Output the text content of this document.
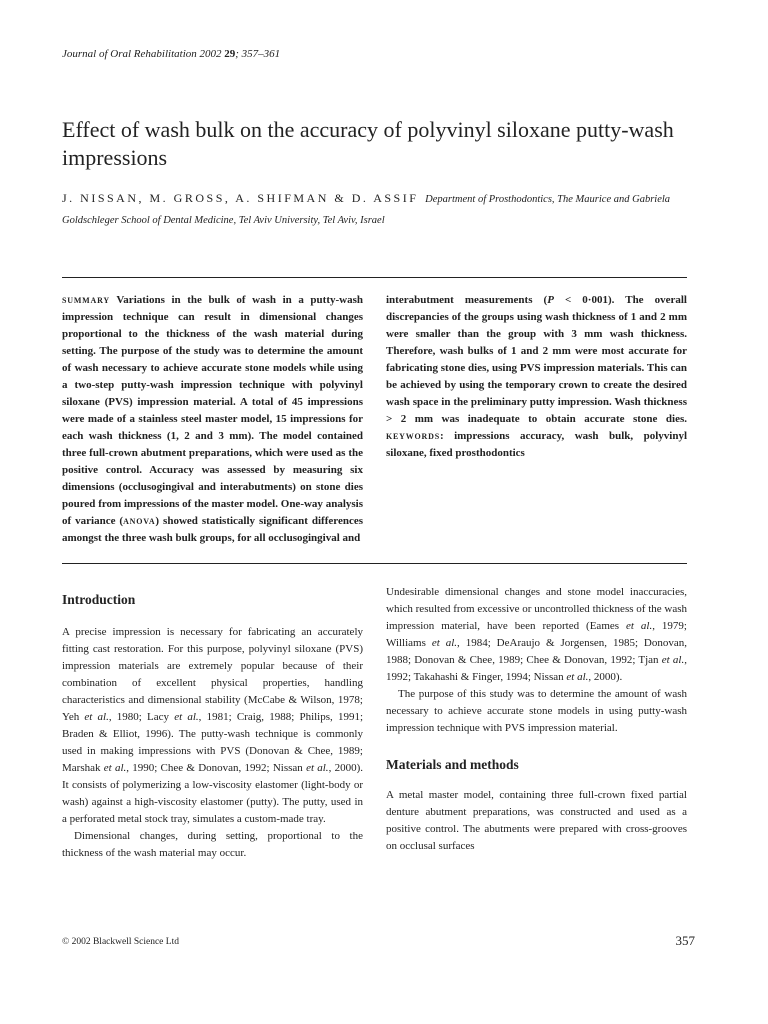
Journal of Oral Rehabilitation 2002 29; 357–361
Effect of wash bulk on the accuracy of polyvinyl siloxane putty-wash impressions
J. NISSAN, M. GROSS, A. SHIFMAN & D. ASSIF Department of Prosthodontics, The Maurice and Gabriela Goldschleger School of Dental Medicine, Tel Aviv University, Tel Aviv, Israel
summary Variations in the bulk of wash in a putty-wash impression technique can result in dimensional changes proportional to the thickness of the wash material during setting. The purpose of the study was to determine the amount of wash necessary to achieve accurate stone models while using a two-step putty-wash impression technique with polyvinyl siloxane (PVS) impression material. A total of 45 impressions were made of a stainless steel master model, 15 impressions for each wash thickness (1, 2 and 3 mm). The model contained three full-crown abutment preparations, which were used as the positive control. Accuracy was assessed by measuring six dimensions (occlusogingival and interabutments) on stone dies poured from impressions of the master model. One-way analysis of variance (anova) showed statistically significant differences amongst the three wash bulk groups, for all occlusogingival and
Introduction

A precise impression is necessary for fabricating an accurately fitting cast restoration. For this purpose, polyvinyl siloxane (PVS) impression materials are extremely popular because of their combination of excellent physical properties, handling characteristics and dimensional stability (McCabe & Wilson, 1978; Yeh et al., 1980; Lacy et al., 1981; Craig, 1988; Philips, 1991; Braden & Elliot, 1996). The putty-wash technique is commonly used in making impressions with PVS (Donovan & Chee, 1989; Marshak et al., 1990; Chee & Donovan, 1992; Nissan et al., 2000). It consists of polymerizing a low-viscosity elastomer (light-body or wash) against a high-viscosity elastomer (putty). The putty, used in a perforated metal stock tray, simulates a custom-made tray.

Dimensional changes, during setting, proportional to the thickness of the wash material may occur.

Undesirable dimensional changes and stone model inaccuracies, which resulted from excessive or uncontrolled thickness of the wash impression material, have been reported (Eames et al., 1979; Williams et al., 1984; DeAraujo & Jorgensen, 1985; Donovan, 1988; Donovan & Chee, 1989; Chee & Donovan, 1992; Tjan et al., 1992; Takahashi & Finger, 1994; Nissan et al., 2000).

The purpose of this study was to determine the amount of wash necessary to achieve accurate stone models in using putty-wash impression technique with PVS impression material.

Materials and methods

A metal master model, containing three full-crown fixed partial denture abutment preparations, was constructed and used as a positive control. The abutments were prepared with cross-grooves on occlusal surfaces

© 2002 Blackwell Science Ltd	357
interabutment measurements (P < 0·001). The overall discrepancies of the groups using wash thickness of 1 and 2 mm were smaller than the group with 3 mm wash thickness. Therefore, wash bulks of 1 and 2 mm were most accurate for fabricating stone dies, using PVS impression materials. This can be achieved by using the temporary crown to create the desired wash space in the preliminary putty impression. Wash thickness > 2 mm was inadequate to obtain accurate stone dies. keywords: impressions accuracy, wash bulk, polyvinyl siloxane, fixed prosthodontics
